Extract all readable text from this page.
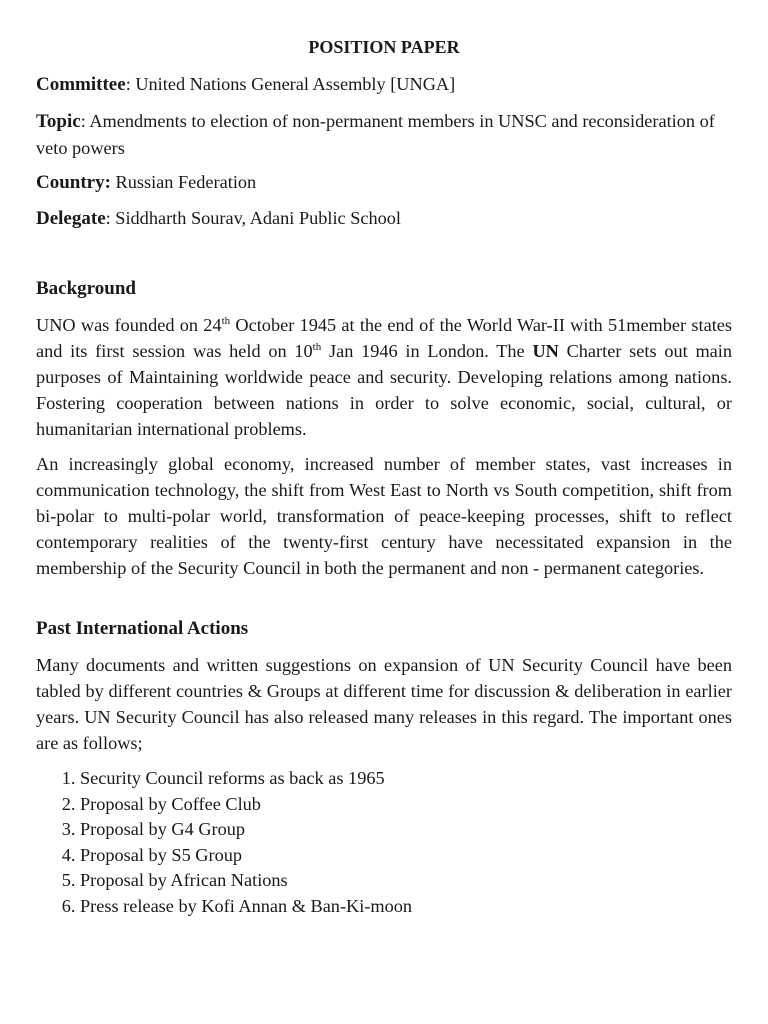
POSITION PAPER
Committee: United Nations General Assembly [UNGA]
Topic: Amendments to election of non-permanent members in UNSC and reconsideration of veto powers
Country: Russian Federation
Delegate: Siddharth Sourav, Adani Public School
Background
UNO was founded on 24th October 1945 at the end of the World War-II with 51member states and its first session was held on 10th Jan 1946 in London. The UN Charter sets out main purposes of Maintaining worldwide peace and security. Developing relations among nations. Fostering cooperation between nations in order to solve economic, social, cultural, or humanitarian international problems.
An increasingly global economy, increased number of member states, vast increases in communication technology, the shift from West East to North vs South competition, shift from bi-polar to multi-polar world, transformation of peace-keeping processes, shift to reflect contemporary realities of the twenty-first century have necessitated expansion in the membership of the Security Council in both the permanent and non - permanent categories.
Past International Actions
Many documents and written suggestions on expansion of UN Security Council have been tabled by different countries & Groups at different time for discussion & deliberation in earlier years. UN Security Council has also released many releases in this regard. The important ones are as follows;
1. Security Council reforms as back as 1965
2. Proposal by Coffee Club
3. Proposal by G4 Group
4. Proposal by S5 Group
5. Proposal by African Nations
6. Press release by Kofi Annan & Ban-Ki-moon
